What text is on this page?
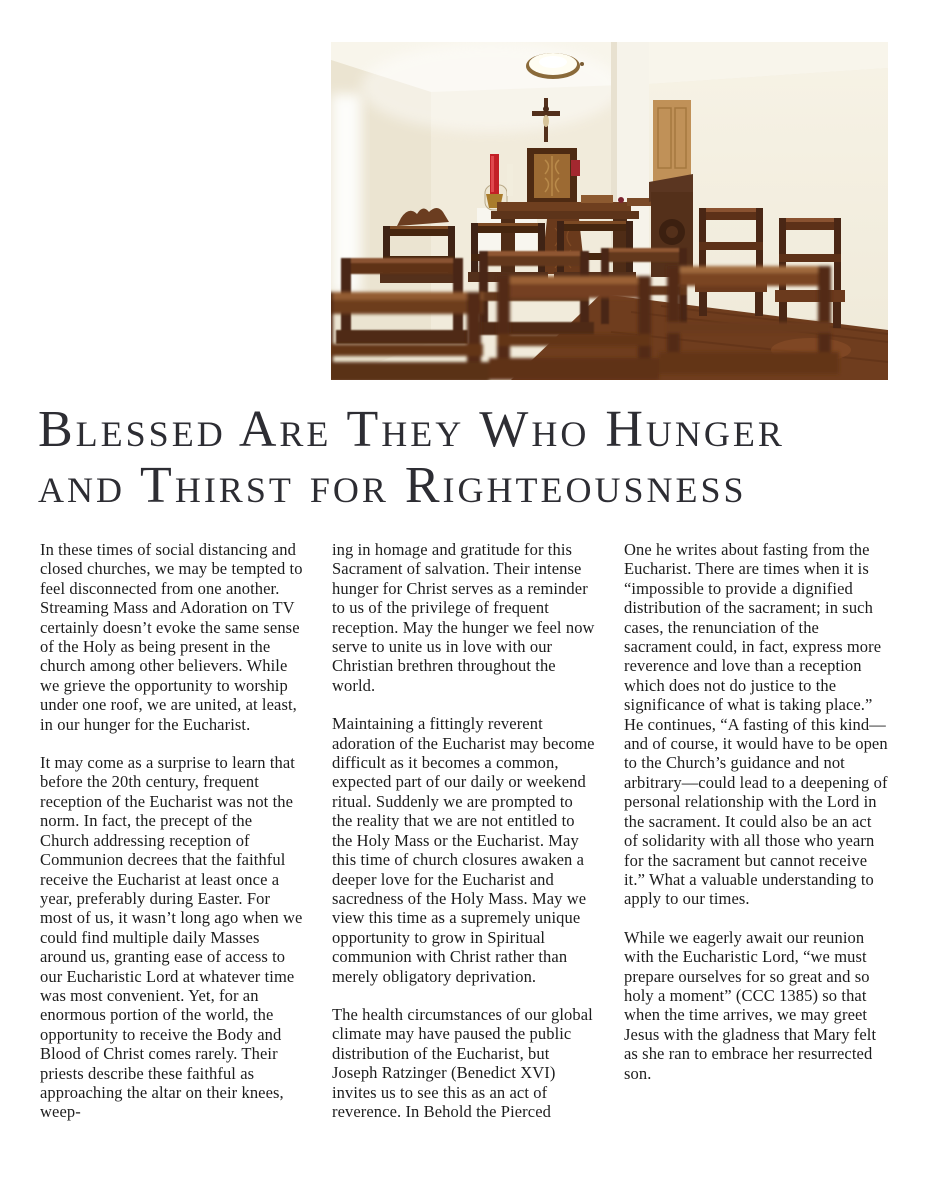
Blessed Are They Who Hunger
and Thirst for Righteousness

In these times of social distancing and closed churches, we may be tempted to feel disconnected from one another. Streaming Mass and Adoration on TV certainly doesn’t evoke the same sense of the Holy as being present in the church among other believers. While we grieve the opportunity to worship under one roof, we are united, at least, in our hunger for the Eucharist.

It may come as a surprise to learn that before the 20th century, frequent reception of the Eucharist was not the norm. In fact, the precept of the Church addressing reception of Communion decrees that the faithful receive the Eucharist at least once a year, preferably during Easter. For most of us, it wasn’t long ago when we could find multiple daily Masses around us, granting ease of access to our Eucharistic Lord at whatever time was most convenient. Yet, for an enormous portion of the world, the opportunity to receive the Body and Blood of Christ comes rarely. Their priests describe these faithful as approaching the altar on their knees, weep-

ing in homage and gratitude for this Sacrament of salvation. Their intense hunger for Christ serves as a reminder to us of the privilege of frequent reception. May the hunger we feel now serve to unite us in love with our Christian brethren throughout the world.

Maintaining a fittingly reverent adoration of the Eucharist may become difficult as it becomes a common, expected part of our daily or weekend ritual. Suddenly we are prompted to the reality that we are not entitled to the Holy Mass or the Eucharist. May this time of church closures awaken a deeper love for the Eucharist and sacredness of the Holy Mass. May we view this time as a supremely unique opportunity to grow in Spiritual communion with Christ rather than merely obligatory deprivation.

The health circumstances of our global climate may have paused the public distribution of the Eucharist, but Joseph Ratzinger (Benedict XVI) invites us to see this as an act of reverence. In Behold the Pierced

One he writes about fasting from the Eucharist. There are times when it is “impossible to provide a dignified distribution of the sacrament; in such cases, the renunciation of the sacrament could, in fact, express more reverence and love than a reception which does not do justice to the significance of what is taking place.” He continues, “A fasting of this kind—and of course, it would have to be open to the Church’s guidance and not arbitrary—could lead to a deepening of personal relationship with the Lord in the sacrament. It could also be an act of solidarity with all those who yearn for the sacrament but cannot receive it.” What a valuable understanding to apply to our times.

While we eagerly await our reunion with the Eucharistic Lord, “we must prepare ourselves for so great and so holy a moment” (CCC 1385) so that when the time arrives, we may greet Jesus with the gladness that Mary felt as she ran to embrace her resurrected son.
